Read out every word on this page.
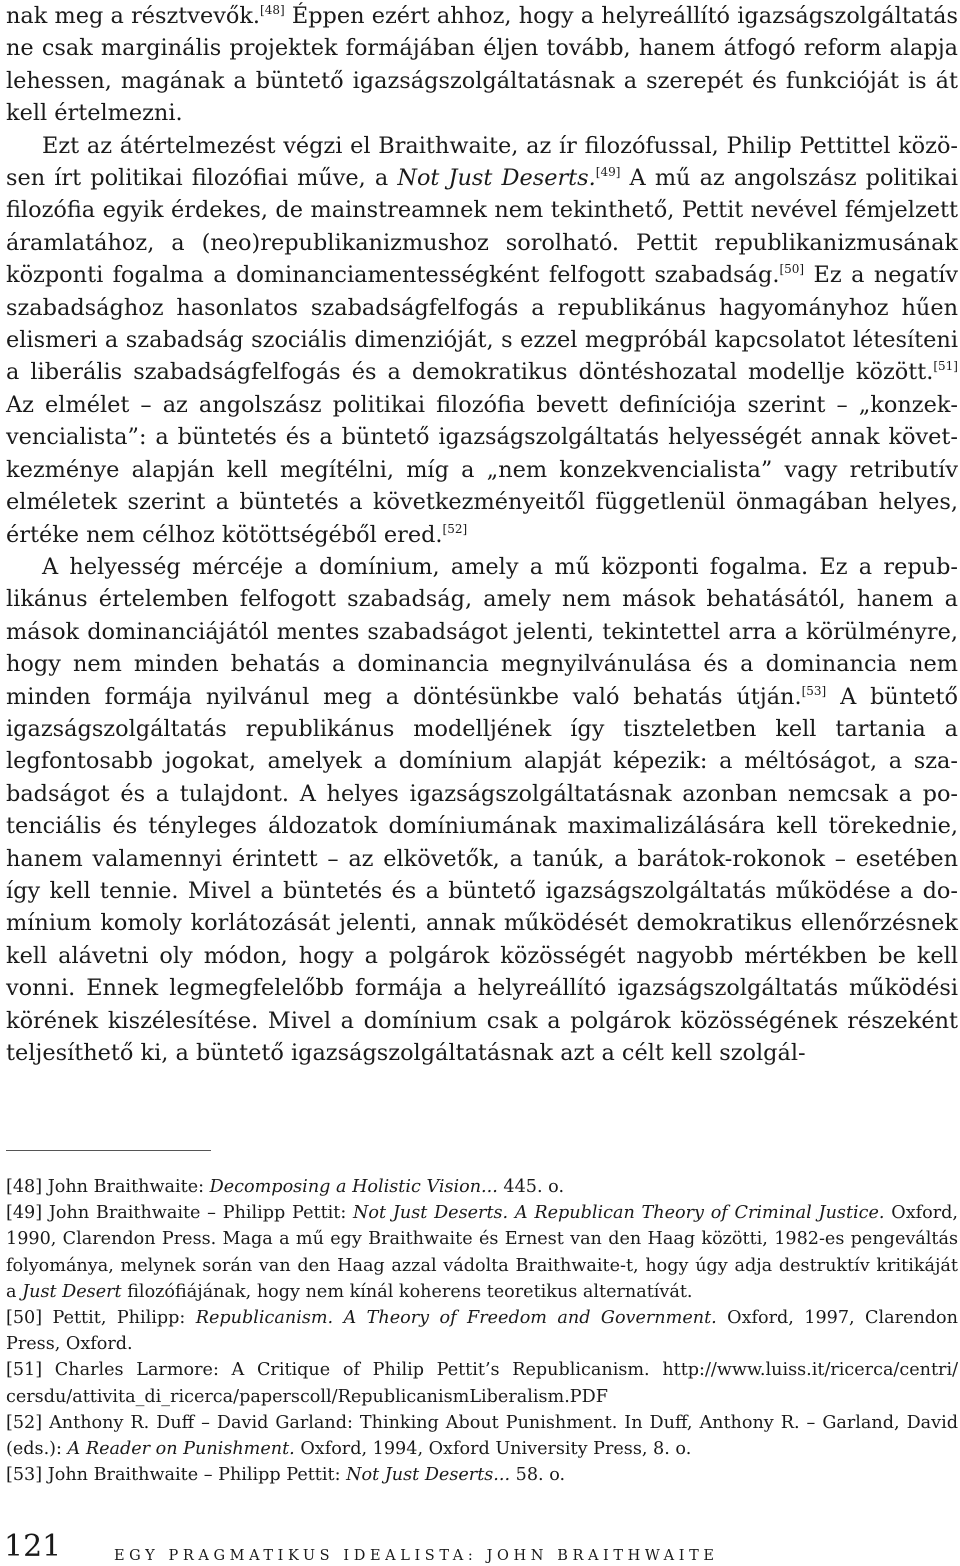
nak meg a résztvevők.[48] Éppen ezért ahhoz, hogy a helyreállító igazságszolgáltatás ne csak marginális projektek formájában éljen tovább, hanem átfogó reform alapja lehessen, magának a büntető igazságszolgáltatásnak a szerepét és funkcióját is át kell értelmezni.

Ezt az átértelmezést végzi el Braithwaite, az ír filozófussal, Philip Pettittel közösen írt politikai filozófiai műve, a Not Just Deserts.[49] A mű az angolszász politikai filozófia egyik érdekes, de mainstreamnek nem tekinthető, Pettit nevével fémjelzett áramlatához, a (neo)republikanizmushoz sorolható. Pettit republikanizmusának központi fogalma a dominanciamentességként felfogott szabadság.[50] Ez a negatív szabadsághoz hasonlatos szabadságfelfogás a republikánus hagyományhoz hűen elismeri a szabadság szociális dimenzióját, s ezzel megpróbál kapcsolatot létesíteni a liberális szabadságfelfogás és a demokratikus döntéshozatal modellje között.[51] Az elmélet – az angolszász politikai filozófia bevett definíciója szerint – „konzekvencialista”: a büntetés és a büntető igazságszolgáltatás helyességét annak következménye alapján kell megítélni, míg a „nem konzekvencialista” vagy retributív elméletek szerint a büntetés a következményeitől függetlenül önmagában helyes, értéke nem célhoz kötöttségéből ered.[52]

A helyesség mércéje a domínium, amely a mű központi fogalma. Ez a republikánus értelemben felfogott szabadság, amely nem mások behatásától, hanem a mások dominanciájától mentes szabadságot jelenti, tekintettel arra a körülményre, hogy nem minden behatás a dominancia megnyilvánulása és a dominancia nem minden formája nyilvánul meg a döntésünkbe való behatás útján.[53] A büntető igazságszolgáltatás republikánus modelljének így tiszteletben kell tartania a legfontosabb jogokat, amelyek a domínium alapját képezik: a méltóságot, a szabadságot és a tulajdont. A helyes igazságszolgáltatásnak azonban nemcsak a potenciális és tényleges áldozatok domíniumának maximalizálására kell törekednie, hanem valamennyi érintett – az elkövetők, a tanúk, a barátok-rokonok – esetében így kell tennie. Mivel a büntetés és a büntető igazságszolgáltatás működése a domínium komoly korlátozását jelenti, annak működését demokratikus ellenőrzésnek kell alávetni oly módon, hogy a polgárok közösségét nagyobb mértékben be kell vonni. Ennek legmegfelelőbb formája a helyreállító igazságszolgáltatás működési körének kiszélesítése. Mivel a domínium csak a polgárok közösségének részeként teljesíthető ki, a büntető igazságszolgáltatásnak azt a célt kell szolgál-

[48] John Braithwaite: Decomposing a Holistic Vision... 445. o.

[49] John Braithwaite – Philipp Pettit: Not Just Deserts. A Republican Theory of Criminal Justice. Oxford, 1990, Clarendon Press. Maga a mű egy Braithwaite és Ernest van den Haag közötti, 1982-es pengeváltás folyománya, melynek során van den Haag azzal vádolta Braithwaite-t, hogy úgy adja destruktív kritikáját a Just Desert filozófiájának, hogy nem kínál koherens teoretikus alternatívát.

[50] Pettit, Philipp: Republicanism. A Theory of Freedom and Government. Oxford, 1997, Clarendon Press, Oxford.

[51] Charles Larmore: A Critique of Philip Pettit’s Republicanism. http://www.luiss.it/ricerca/centri/ cersdu/attivita_di_ricerca/paperscoll/RepublicanismLiberalism.PDF

[52] Anthony R. Duff – David Garland: Thinking About Punishment. In Duff, Anthony R. – Garland, David (eds.): A Reader on Punishment. Oxford, 1994, Oxford University Press, 8. o.

[53] John Braithwaite – Philipp Pettit: Not Just Deserts... 58. o.

121	EGY PRAGMATIKUS IDEALISTA: JOHN BRAITHWAITE
